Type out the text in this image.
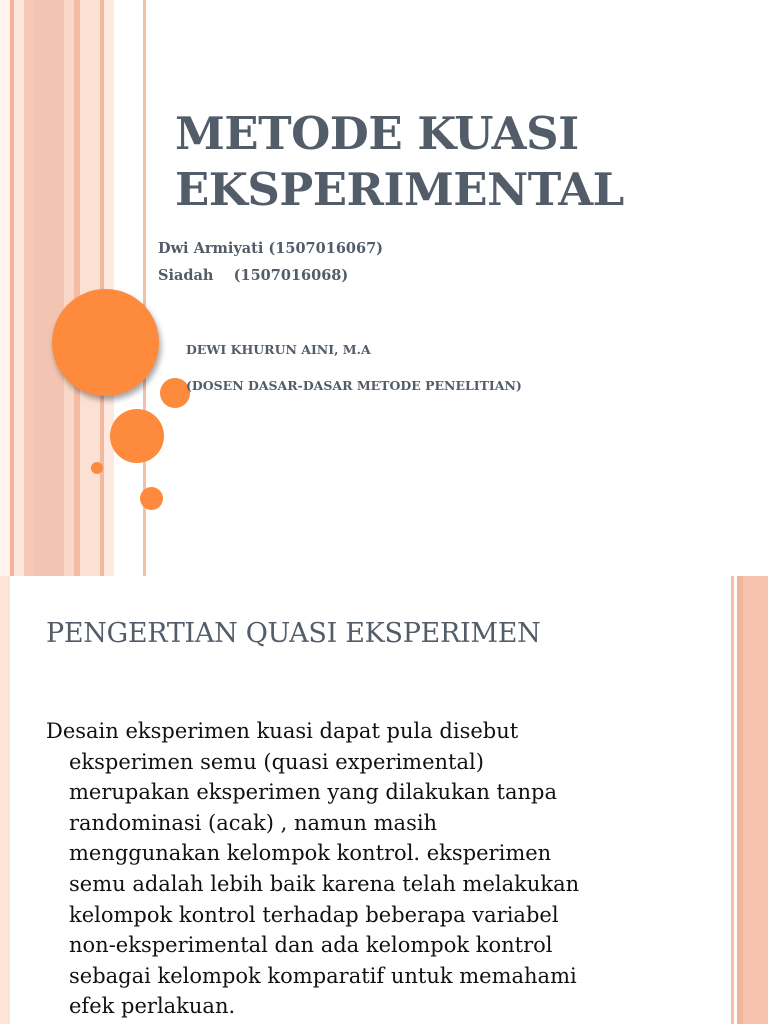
METODE KUASI
EKSPERIMENTAL
Dwi Armiyati (1507016067)
Siadah    (1507016068)
DEWI KHURUN AINI, M.A
(DOSEN DASAR-DASAR METODE PENELITIAN)
PENGERTIAN QUASI EKSPERIMEN
Desain eksperimen kuasi dapat pula disebut
eksperimen semu (quasi experimental)
merupakan eksperimen yang dilakukan tanpa
randominasi (acak) , namun masih
menggunakan kelompok kontrol. eksperimen
semu adalah lebih baik karena telah melakukan
kelompok kontrol terhadap beberapa variabel
non-eksperimental dan ada kelompok kontrol
sebagai kelompok komparatif untuk memahami
efek perlakuan.
